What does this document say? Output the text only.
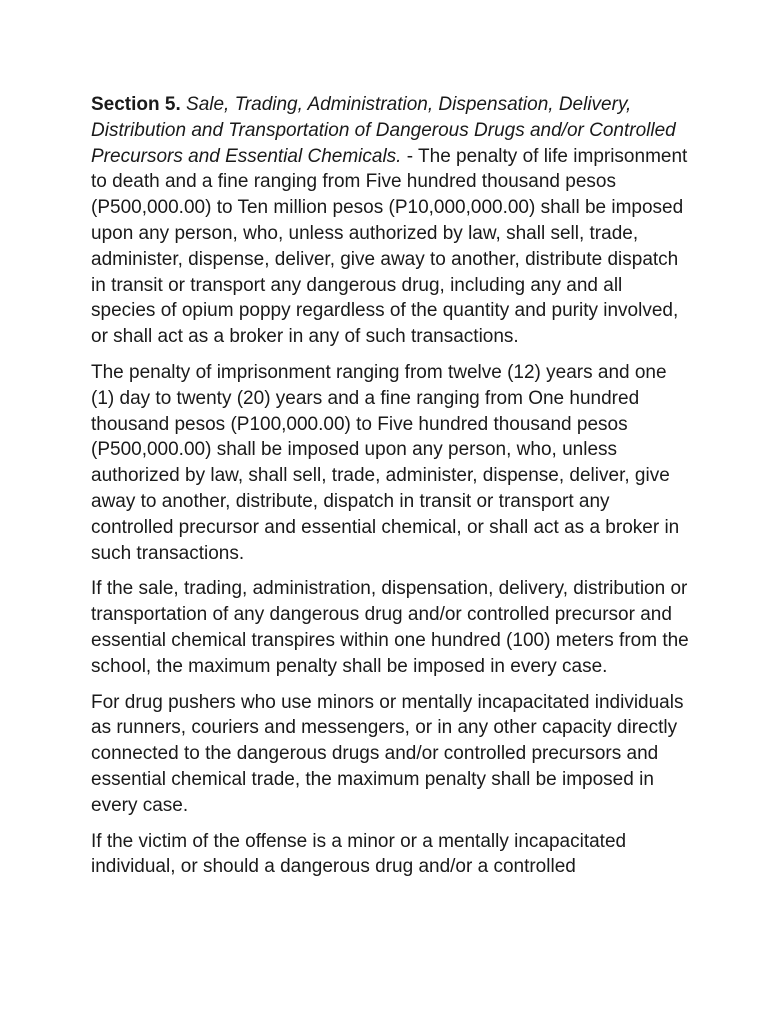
Section 5. Sale, Trading, Administration, Dispensation, Delivery, Distribution and Transportation of Dangerous Drugs and/or Controlled Precursors and Essential Chemicals. - The penalty of life imprisonment to death and a fine ranging from Five hundred thousand pesos (P500,000.00) to Ten million pesos (P10,000,000.00) shall be imposed upon any person, who, unless authorized by law, shall sell, trade, administer, dispense, deliver, give away to another, distribute dispatch in transit or transport any dangerous drug, including any and all species of opium poppy regardless of the quantity and purity involved, or shall act as a broker in any of such transactions.

The penalty of imprisonment ranging from twelve (12) years and one (1) day to twenty (20) years and a fine ranging from One hundred thousand pesos (P100,000.00) to Five hundred thousand pesos (P500,000.00) shall be imposed upon any person, who, unless authorized by law, shall sell, trade, administer, dispense, deliver, give away to another, distribute, dispatch in transit or transport any controlled precursor and essential chemical, or shall act as a broker in such transactions.

If the sale, trading, administration, dispensation, delivery, distribution or transportation of any dangerous drug and/or controlled precursor and essential chemical transpires within one hundred (100) meters from the school, the maximum penalty shall be imposed in every case.

For drug pushers who use minors or mentally incapacitated individuals as runners, couriers and messengers, or in any other capacity directly connected to the dangerous drugs and/or controlled precursors and essential chemical trade, the maximum penalty shall be imposed in every case.

If the victim of the offense is a minor or a mentally incapacitated individual, or should a dangerous drug and/or a controlled
